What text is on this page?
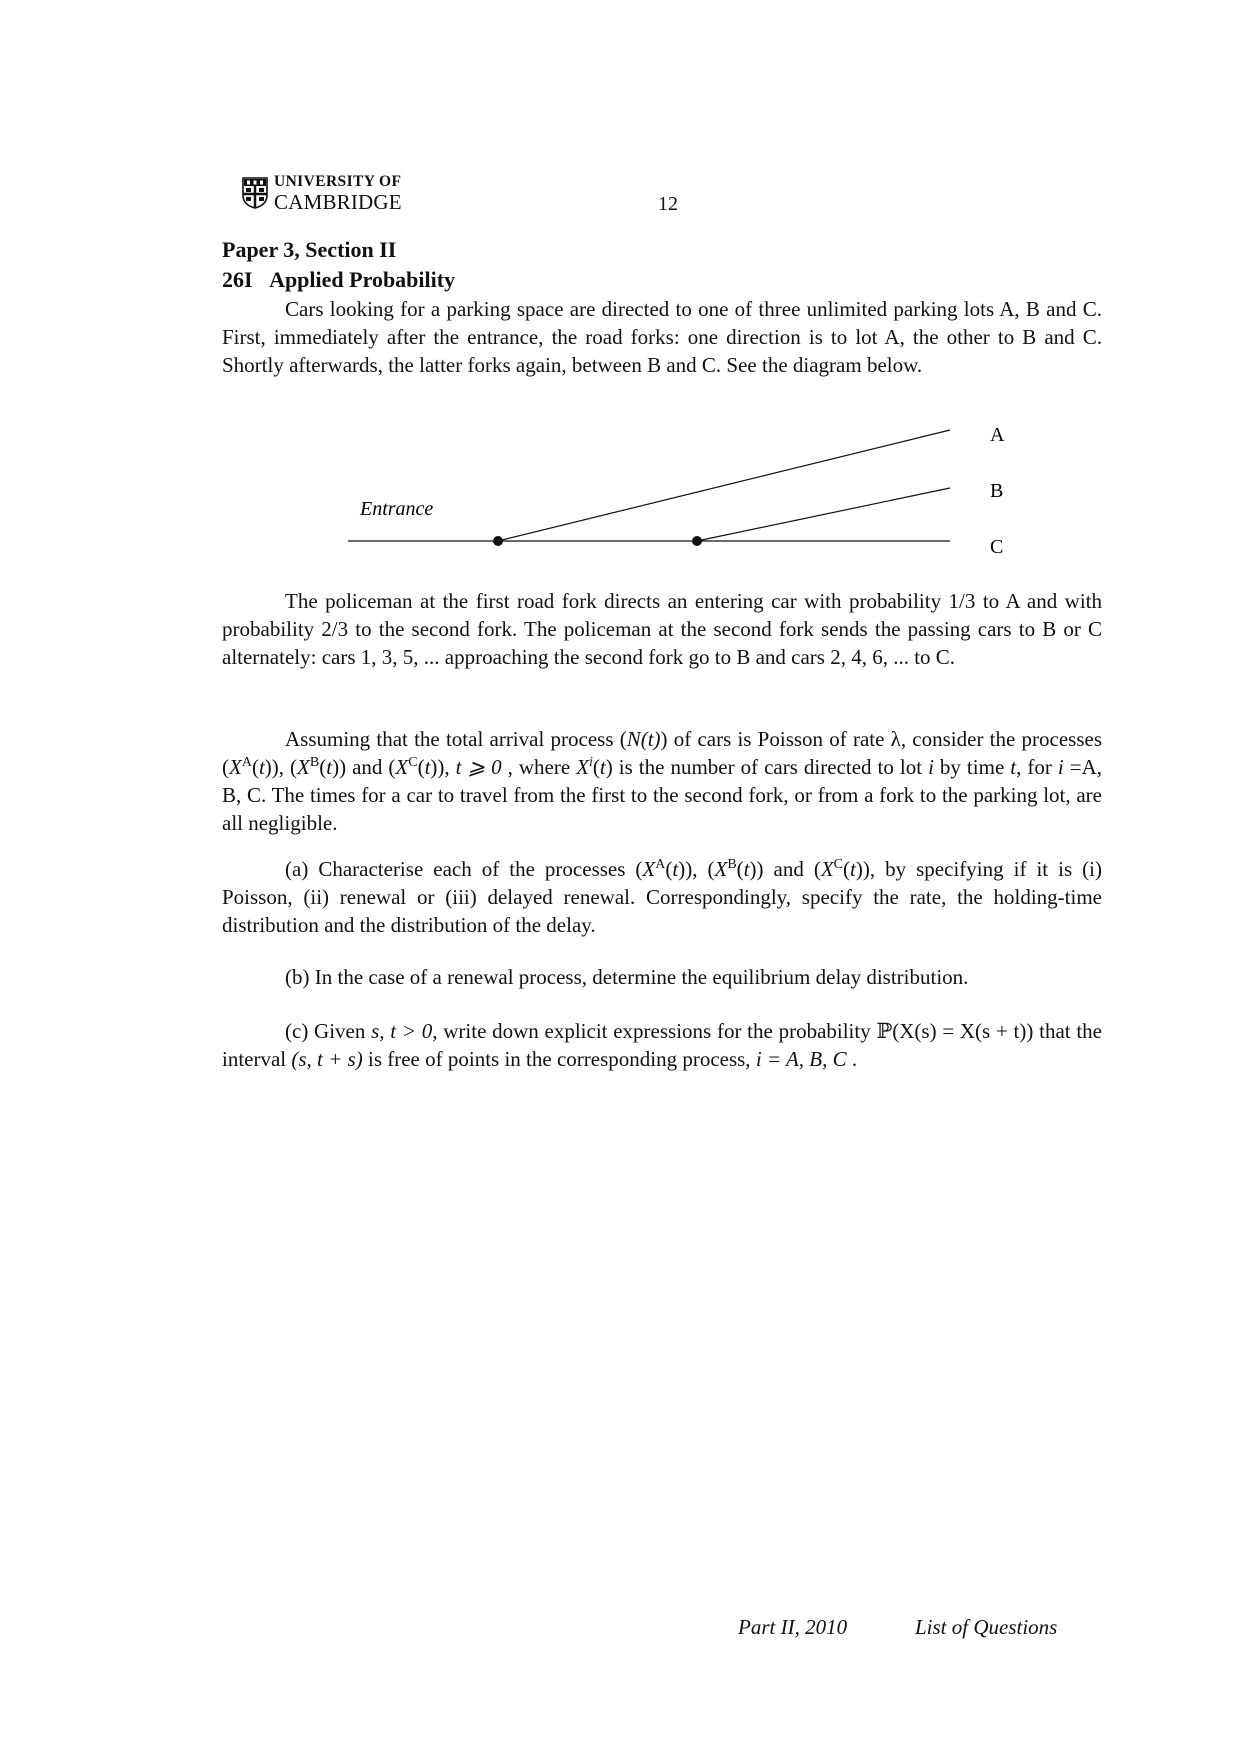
UNIVERSITY OF
CAMBRIDGE	12
Paper 3, Section II
26I Applied Probability
Cars looking for a parking space are directed to one of three unlimited parking lots A, B and C. First, immediately after the entrance, the road forks: one direction is to lot A, the other to B and C. Shortly afterwards, the latter forks again, between B and C. See the diagram below.
Entrance
A
B
C
The policeman at the first road fork directs an entering car with probability 1/3 to A and with probability 2/3 to the second fork. The policeman at the second fork sends the passing cars to B or C alternately: cars 1, 3, 5, ... approaching the second fork go to B and cars 2, 4, 6, ... to C.
Assuming that the total arrival process (N(t)) of cars is Poisson of rate λ, consider the processes $(X^A(t))$, $(X^B(t))$ and $(X^C(t))$, t ⩾ 0 , where $X^i(t)$ is the number of cars directed to lot i by time t, for i =A, B, C. The times for a car to travel from the first to the second fork, or from a fork to the parking lot, are all negligible.
(a) Characterise each of the processes $(X^A(t))$, $(X^B(t))$ and $(X^C(t))$, by specifying if it is (i) Poisson, (ii) renewal or (iii) delayed renewal. Correspondingly, specify the rate, the holding-time distribution and the distribution of the delay.
(b) In the case of a renewal process, determine the equilibrium delay distribution.
(c) Given s, t > 0, write down explicit expressions for the probability ℙ(X(s) = X(s + t)) that the interval (s, t + s) is free of points in the corresponding process, i = A, B, C .
Part II, 2010	List of Questions
